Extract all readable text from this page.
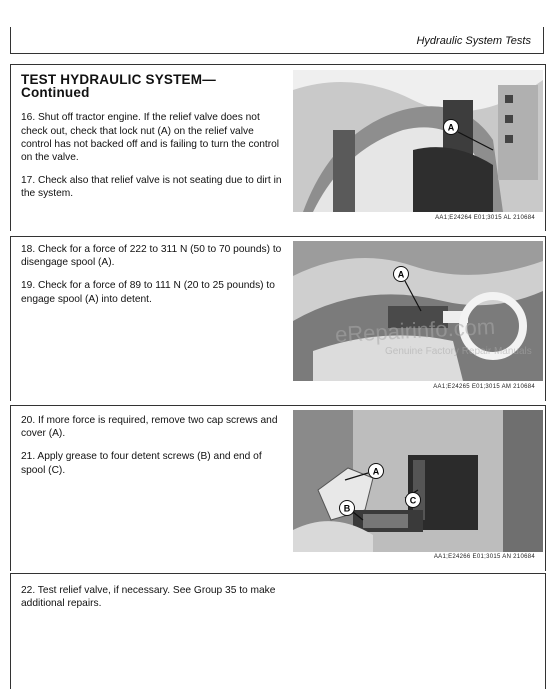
Hydraulic System Tests
TEST HYDRAULIC SYSTEM—Continued

16. Shut off tractor engine. If the relief valve does not check out, check that lock nut (A) on the relief valve control has not backed off and is failing to turn the control on the valve.

17. Check also that relief valve is not seating due to dirt in the system.

A
AA1;E24264 E01;3015 AL 210684

18. Check for a force of 222 to 311 N (50 to 70 pounds) to disengage spool (A).

19. Check for a force of 89 to 111 N (20 to 25 pounds) to engage spool (A) into detent.

A
AA1;E24265 E01;3015 AM 210684

20. If more force is required, remove two cap screws and cover (A).

21. Apply grease to four detent screws (B) and end of spool (C).	A
B
C
AA1;E24266 E01;3015 AN 210684

22. Test relief valve, if necessary. See Group 35 to make additional repairs.

eRepairinfo.com
Genuine Factory Repair Manuals
